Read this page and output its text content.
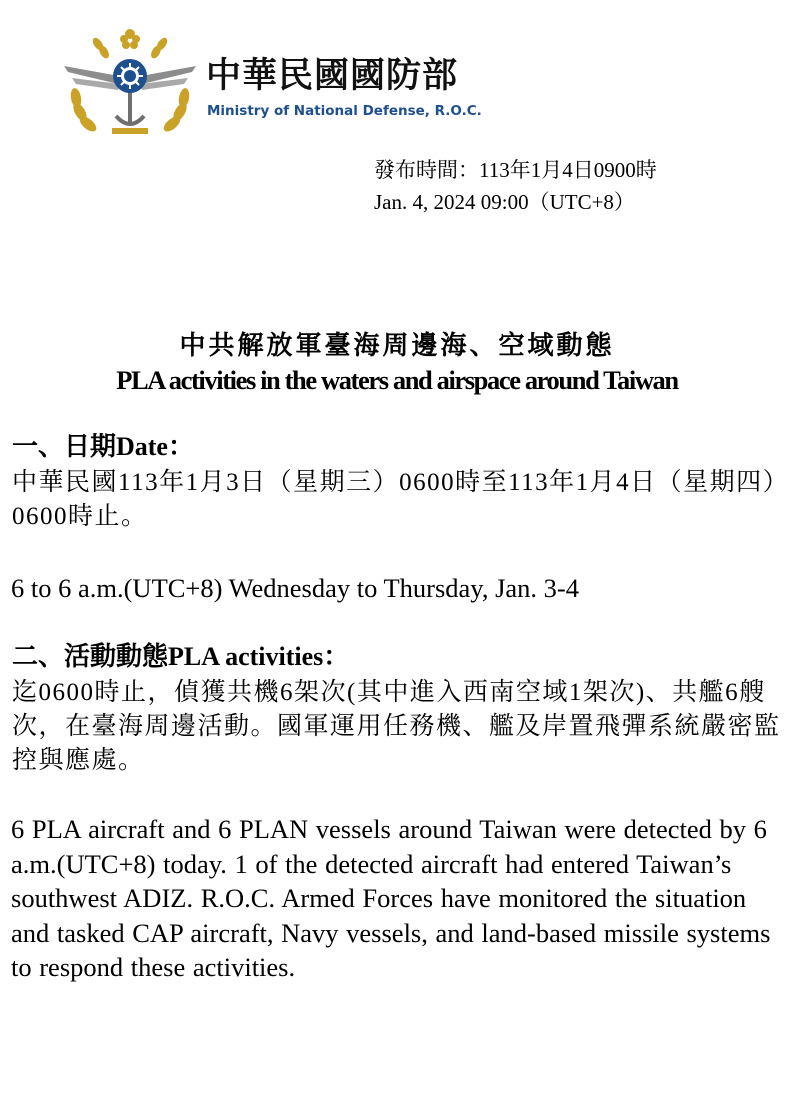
中華民國國防部
Ministry of National Defense, R.O.C.
發布時間：113年1月4日0900時
Jan. 4, 2024 09:00（UTC+8）
中共解放軍臺海周邊海、空域動態
PLA activities in the waters and airspace around Taiwan
一、日期Date：
中華民國113年1月3日（星期三）0600時至113年1月4日（星期四）0600時止。
6 to 6 a.m.(UTC+8) Wednesday to Thursday, Jan. 3-4
二、活動動態PLA activities：
迄0600時止，偵獲共機6架次(其中進入西南空域1架次)、共艦6艘次，在臺海周邊活動。國軍運用任務機、艦及岸置飛彈系統嚴密監控與應處。
6 PLA aircraft and 6 PLAN vessels around Taiwan were detected by 6 a.m.(UTC+8) today. 1 of the detected aircraft had entered Taiwan’s southwest ADIZ. R.O.C. Armed Forces have monitored the situation and tasked CAP aircraft, Navy vessels, and land-based missile systems to respond these activities.
